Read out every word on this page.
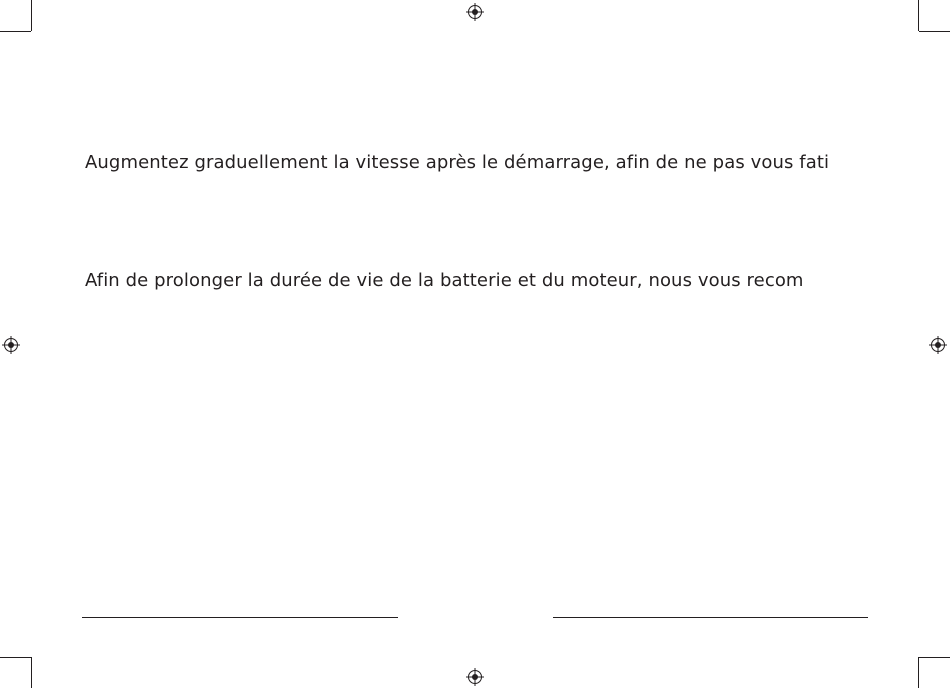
Augmentez graduellement la vitesse après le démarrage, afin de ne pas vous fati
Afin de prolonger la durée de vie de la batterie et du moteur, nous vous recom
